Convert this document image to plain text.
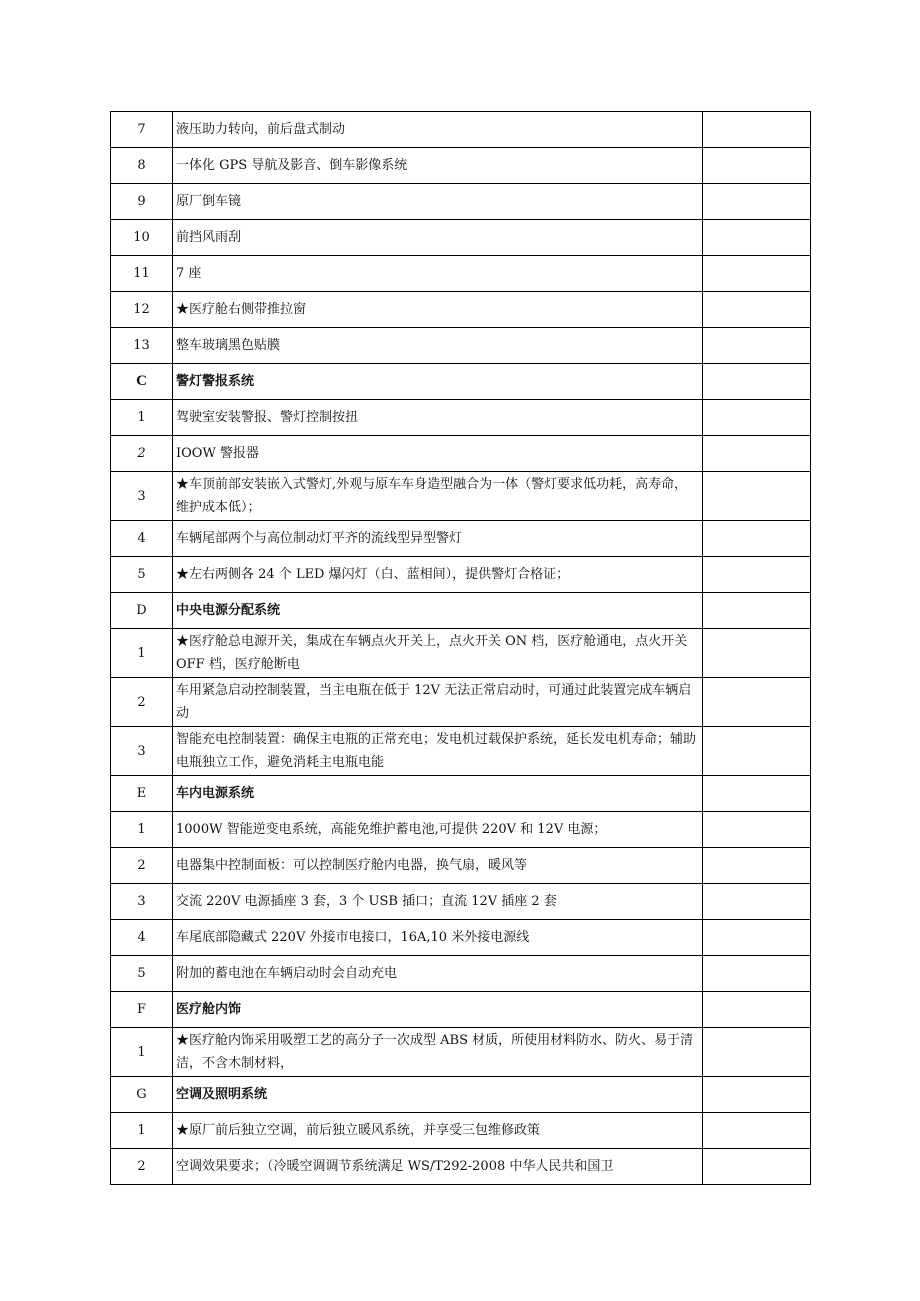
7	液压助力转向，前后盘式制动	
8	一体化 GPS 导航及影音、倒车影像系统	
9	原厂倒车镜	
10	前挡风雨刮	
11	7 座	
12	★医疗舱右侧带推拉窗	
13	整车玻璃黑色贴膜	
C	警灯警报系统	
1	驾驶室安装警报、警灯控制按扭	
2	IOOW 警报器	
3	★车顶前部安装嵌入式警灯,外观与原车车身造型融合为一体（警灯要求低功耗，高寿命，维护成本低）；	
4	车辆尾部两个与高位制动灯平齐的流线型异型警灯	
5	★左右两侧各 24 个 LED 爆闪灯（白、蓝相间），提供警灯合格证；	
D	中央电源分配系统	
1	★医疗舱总电源开关，集成在车辆点火开关上，点火开关 ON 档，医疗舱通电，点火开关 OFF 档，医疗舱断电	
2	车用紧急启动控制装置，当主电瓶在低于 12V 无法正常启动时，可通过此装置完成车辆启动	
3	智能充电控制装置：确保主电瓶的正常充电；发电机过载保护系统，延长发电机寿命；辅助电瓶独立工作，避免消耗主电瓶电能	
E	车内电源系统	
1	1000W 智能逆变电系统，高能免维护蓄电池,可提供 220V 和 12V 电源；	
2	电器集中控制面板：可以控制医疗舱内电器，换气扇，暖风等	
3	交流 220V 电源插座 3 套，3 个 USB 插口；直流 12V 插座 2 套	
4	车尾底部隐藏式 220V 外接市电接口，16A,10 米外接电源线	
5	附加的蓄电池在车辆启动时会自动充电	
F	医疗舱内饰	
1	★医疗舱内饰采用吸塑工艺的高分子一次成型 ABS 材质，所使用材料防水、防火、易于清洁，不含木制材料，	
G	空调及照明系统	
1	★原厂前后独立空调，前后独立暖风系统，并享受三包维修政策	
2	空调效果要求；（冷暖空调调节系统满足 WS/T292-2008 中华人民共和国卫	
